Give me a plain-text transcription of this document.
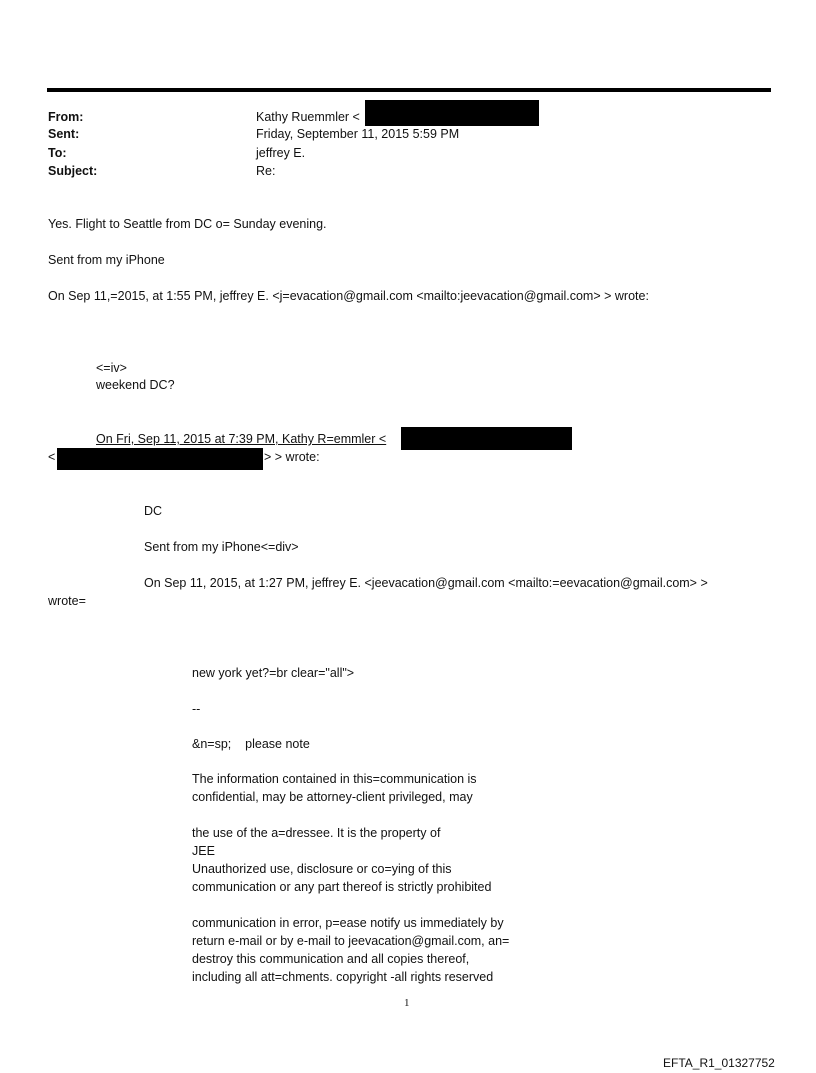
From:	Kathy Ruemmler <
Sent:	Friday, September 11, 2015 5:59 PM
To:	jeffrey E.
Subject:	Re:
Yes. Flight to Seattle from DC o= Sunday evening.
Sent from my iPhone
On Sep 11,=2015, at 1:55 PM, jeffrey E. <j=evacation@gmail.com <mailto:jeevacation@gmail.com> > wrote:
<=iv>
weekend DC?
On Fri, Sep 11, 2015 at 7:39 PM, Kathy R=emmler <
<	> > wrote:
DC
Sent from my iPhone<=div>
On Sep 11, 2015, at 1:27 PM, jeffrey E. <jeevacation@gmail.com <mailto:=eevacation@gmail.com> >
wrote=
new york yet?=br clear="all">
--
&n=sp;    please note
The information contained in this=communication is
confidential, may be attorney-client privileged, may
the use of the a=dressee. It is the property of
JEE
Unauthorized use, disclosure or co=ying of this
communication or any part thereof is strictly prohibited
communication in error, p=ease notify us immediately by
return e-mail or by e-mail to jeevacation@gmail.com, an=
destroy this communication and all copies thereof,
including all att=chments. copyright -all rights reserved
1
EFTA_R1_01327752
